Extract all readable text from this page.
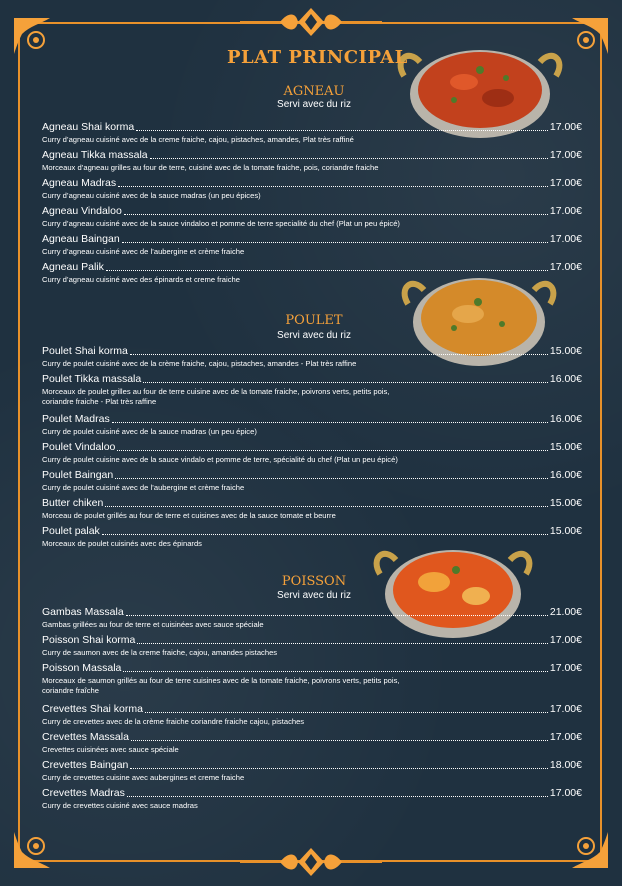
PLAT PRINCIPAL
AGNEAU
Servi avec du riz
Agneau Shai korma	17.00€
Curry d’agneau cuisiné avec de la creme fraiche, cajou, pistaches, amandes, Plat très raffiné
Agneau Tikka massala	17.00€
Morceaux d’agneau grilles au four de terre, cuisiné avec de la tomate fraiche, pois, coriandre fraiche
Agneau Madras	17.00€
Curry d’agneau cuisiné avec de la sauce madras (un peu épices)
Agneau Vindaloo	17.00€
Curry d’agneau cuisiné avec de la sauce vindaloo et pomme de terre specialité du chef (Plat un peu épicé)
Agneau Baingan	17.00€
Curry d’agneau cuisiné avec de l’aubergine et crème fraiche
Agneau Palik	17.00€
Curry d’agneau cuisiné avec des épinards et creme fraiche
POULET
Servi avec du riz
Poulet Shai korma	15.00€
Curry de poulet cuisiné avec de la crème fraiche, cajou, pistaches, amandes - Plat très raffine
Poulet Tikka massala	16.00€
Morceaux de poulet grilles au four de terre cuisine avec de la tomate fraiche, poivrons verts, petits pois, coriandre fraiche - Plat très raffine
Poulet Madras	16.00€
Curry de poulet cuisiné avec de la sauce madras (un peu épice)
Poulet Vindaloo	15.00€
Curry de poulet cuisine avec de la sauce vindalo et pomme de terre, spécialité du chef (Plat un peu épicé)
Poulet Baingan	16.00€
Curry de poulet cuisiné avec de l’aubergine et crème fraiche
Butter chiken	15.00€
Morceau de poulet grillés au four de terre et cuisines avec de la sauce tomate et beurre
Poulet palak	15.00€
Morceaux de poulet cuisinés avec des épinards
POISSON
Servi avec du riz
Gambas Massala	21.00€
Gambas grillées au four de terre et cuisinées avec sauce spéciale
Poisson Shai korma	17.00€
Curry de saumon avec de la creme fraiche, cajou, amandes pistaches
Poisson Massala	17.00€
Morceaux de saumon grillés au four de terre cuisines avec de la tomate fraiche, poivrons verts, petits pois, coriandre fraîche
Crevettes Shai korma	17.00€
Curry de crevettes avec de la crème fraiche coriandre fraiche cajou, pistaches
Crevettes Massala	17.00€
Crevettes cuisinées avec sauce spéciale
Crevettes Baingan	18.00€
Curry de crevettes cuisine avec aubergines et creme fraiche
Crevettes Madras	17.00€
Curry de crevettes cuisiné avec sauce madras
